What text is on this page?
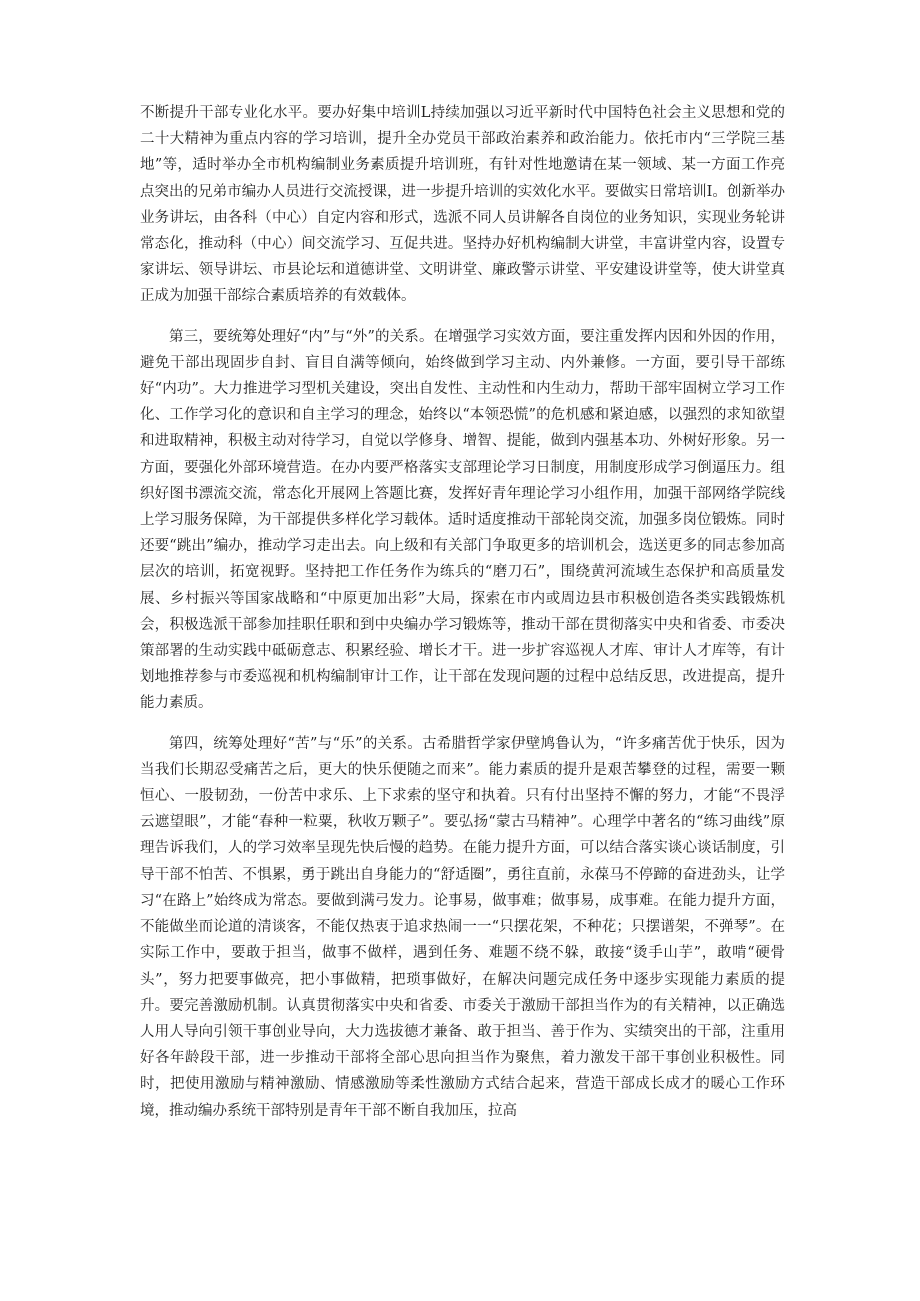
不断提升干部专业化水平。要办好集中培训L持续加强以习近平新时代中国特色社会主义思想和党的二十大精神为重点内容的学习培训，提升全办党员干部政治素养和政治能力。依托市内“三学院三基地”等，适时举办全市机构编制业务素质提升培训班，有针对性地邀请在某一领域、某一方面工作亮点突出的兄弟市编办人员进行交流授课，进一步提升培训的实效化水平。要做实日常培训I。创新举办业务讲坛，由各科（中心）自定内容和形式，选派不同人员讲解各自岗位的业务知识，实现业务轮讲常态化，推动科（中心）间交流学习、互促共进。坚持办好机构编制大讲堂，丰富讲堂内容，设置专家讲坛、领导讲坛、市县论坛和道德讲堂、文明讲堂、廉政警示讲堂、平安建设讲堂等，使大讲堂真正成为加强干部综合素质培养的有效载体。

第三，要统筹处理好“内”与“外”的关系。在增强学习实效方面，要注重发挥内因和外因的作用，避免干部出现固步自封、盲目自满等倾向，始终做到学习主动、内外兼修。一方面，要引导干部练好“内功”。大力推进学习型机关建设，突出自发性、主动性和内生动力，帮助干部牢固树立学习工作化、工作学习化的意识和自主学习的理念，始终以“本领恐慌”的危机感和紧迫感，以强烈的求知欲望和进取精神，积极主动对待学习，自觉以学修身、增智、提能，做到内强基本功、外树好形象。另一方面，要强化外部环境营造。在办内要严格落实支部理论学习日制度，用制度形成学习倒逼压力。组织好图书漂流交流，常态化开展网上答题比赛，发挥好青年理论学习小组作用，加强干部网络学院线上学习服务保障，为干部提供多样化学习载体。适时适度推动干部轮岗交流，加强多岗位锻炼。同时还要“跳出”编办，推动学习走出去。向上级和有关部门争取更多的培训机会，选送更多的同志参加高层次的培训，拓宽视野。坚持把工作任务作为练兵的“磨刀石”，围绕黄河流域生态保护和高质量发展、乡村振兴等国家战略和“中原更加出彩”大局，探索在市内或周边县市积极创造各类实践锻炼机会，积极选派干部参加挂职任职和到中央编办学习锻炼等，推动干部在贯彻落实中央和省委、市委决策部署的生动实践中砥砺意志、积累经验、增长才干。进一步扩容巡视人才库、审计人才库等，有计划地推荐参与市委巡视和机构编制审计工作，让干部在发现问题的过程中总结反思，改进提高，提升能力素质。

第四，统筹处理好“苦”与“乐”的关系。古希腊哲学家伊壁鸠鲁认为，“许多痛苦优于快乐，因为当我们长期忍受痛苦之后，更大的快乐便随之而来”。能力素质的提升是艰苦攀登的过程，需要一颗恒心、一股韧劲，一份苦中求乐、上下求索的坚守和执着。只有付出坚持不懈的努力，才能“不畏浮云遮望眼”，才能“春种一粒粟，秋收万颗子”。要弘扬“蒙古马精神”。心理学中著名的“练习曲线”原理告诉我们，人的学习效率呈现先快后慢的趋势。在能力提升方面，可以结合落实谈心谈话制度，引导干部不怕苦、不惧累，勇于跳出自身能力的“舒适圈”，勇往直前，永葆马不停蹄的奋进劲头，让学习“在路上”始终成为常态。要做到满弓发力。论事易，做事难；做事易，成事难。在能力提升方面，不能做坐而论道的清谈客，不能仅热衷于追求热闹一一“只摆花架，不种花；只摆谱架，不弹琴”。在实际工作中，要敢于担当，做事不做样，遇到任务、难题不绕不躲，敢接“烫手山芋”，敢啃“硬骨头”，努力把要事做亮，把小事做精，把琐事做好，在解决问题完成任务中逐步实现能力素质的提升。要完善激励机制。认真贯彻落实中央和省委、市委关于激励干部担当作为的有关精神，以正确选人用人导向引领干事创业导向，大力选拔德才兼备、敢于担当、善于作为、实绩突出的干部，注重用好各年龄段干部，进一步推动干部将全部心思向担当作为聚焦，着力激发干部干事创业积极性。同时，把使用激励与精神激励、情感激励等柔性激励方式结合起来，营造干部成长成才的暖心工作环境，推动编办系统干部特别是青年干部不断自我加压，拉高
